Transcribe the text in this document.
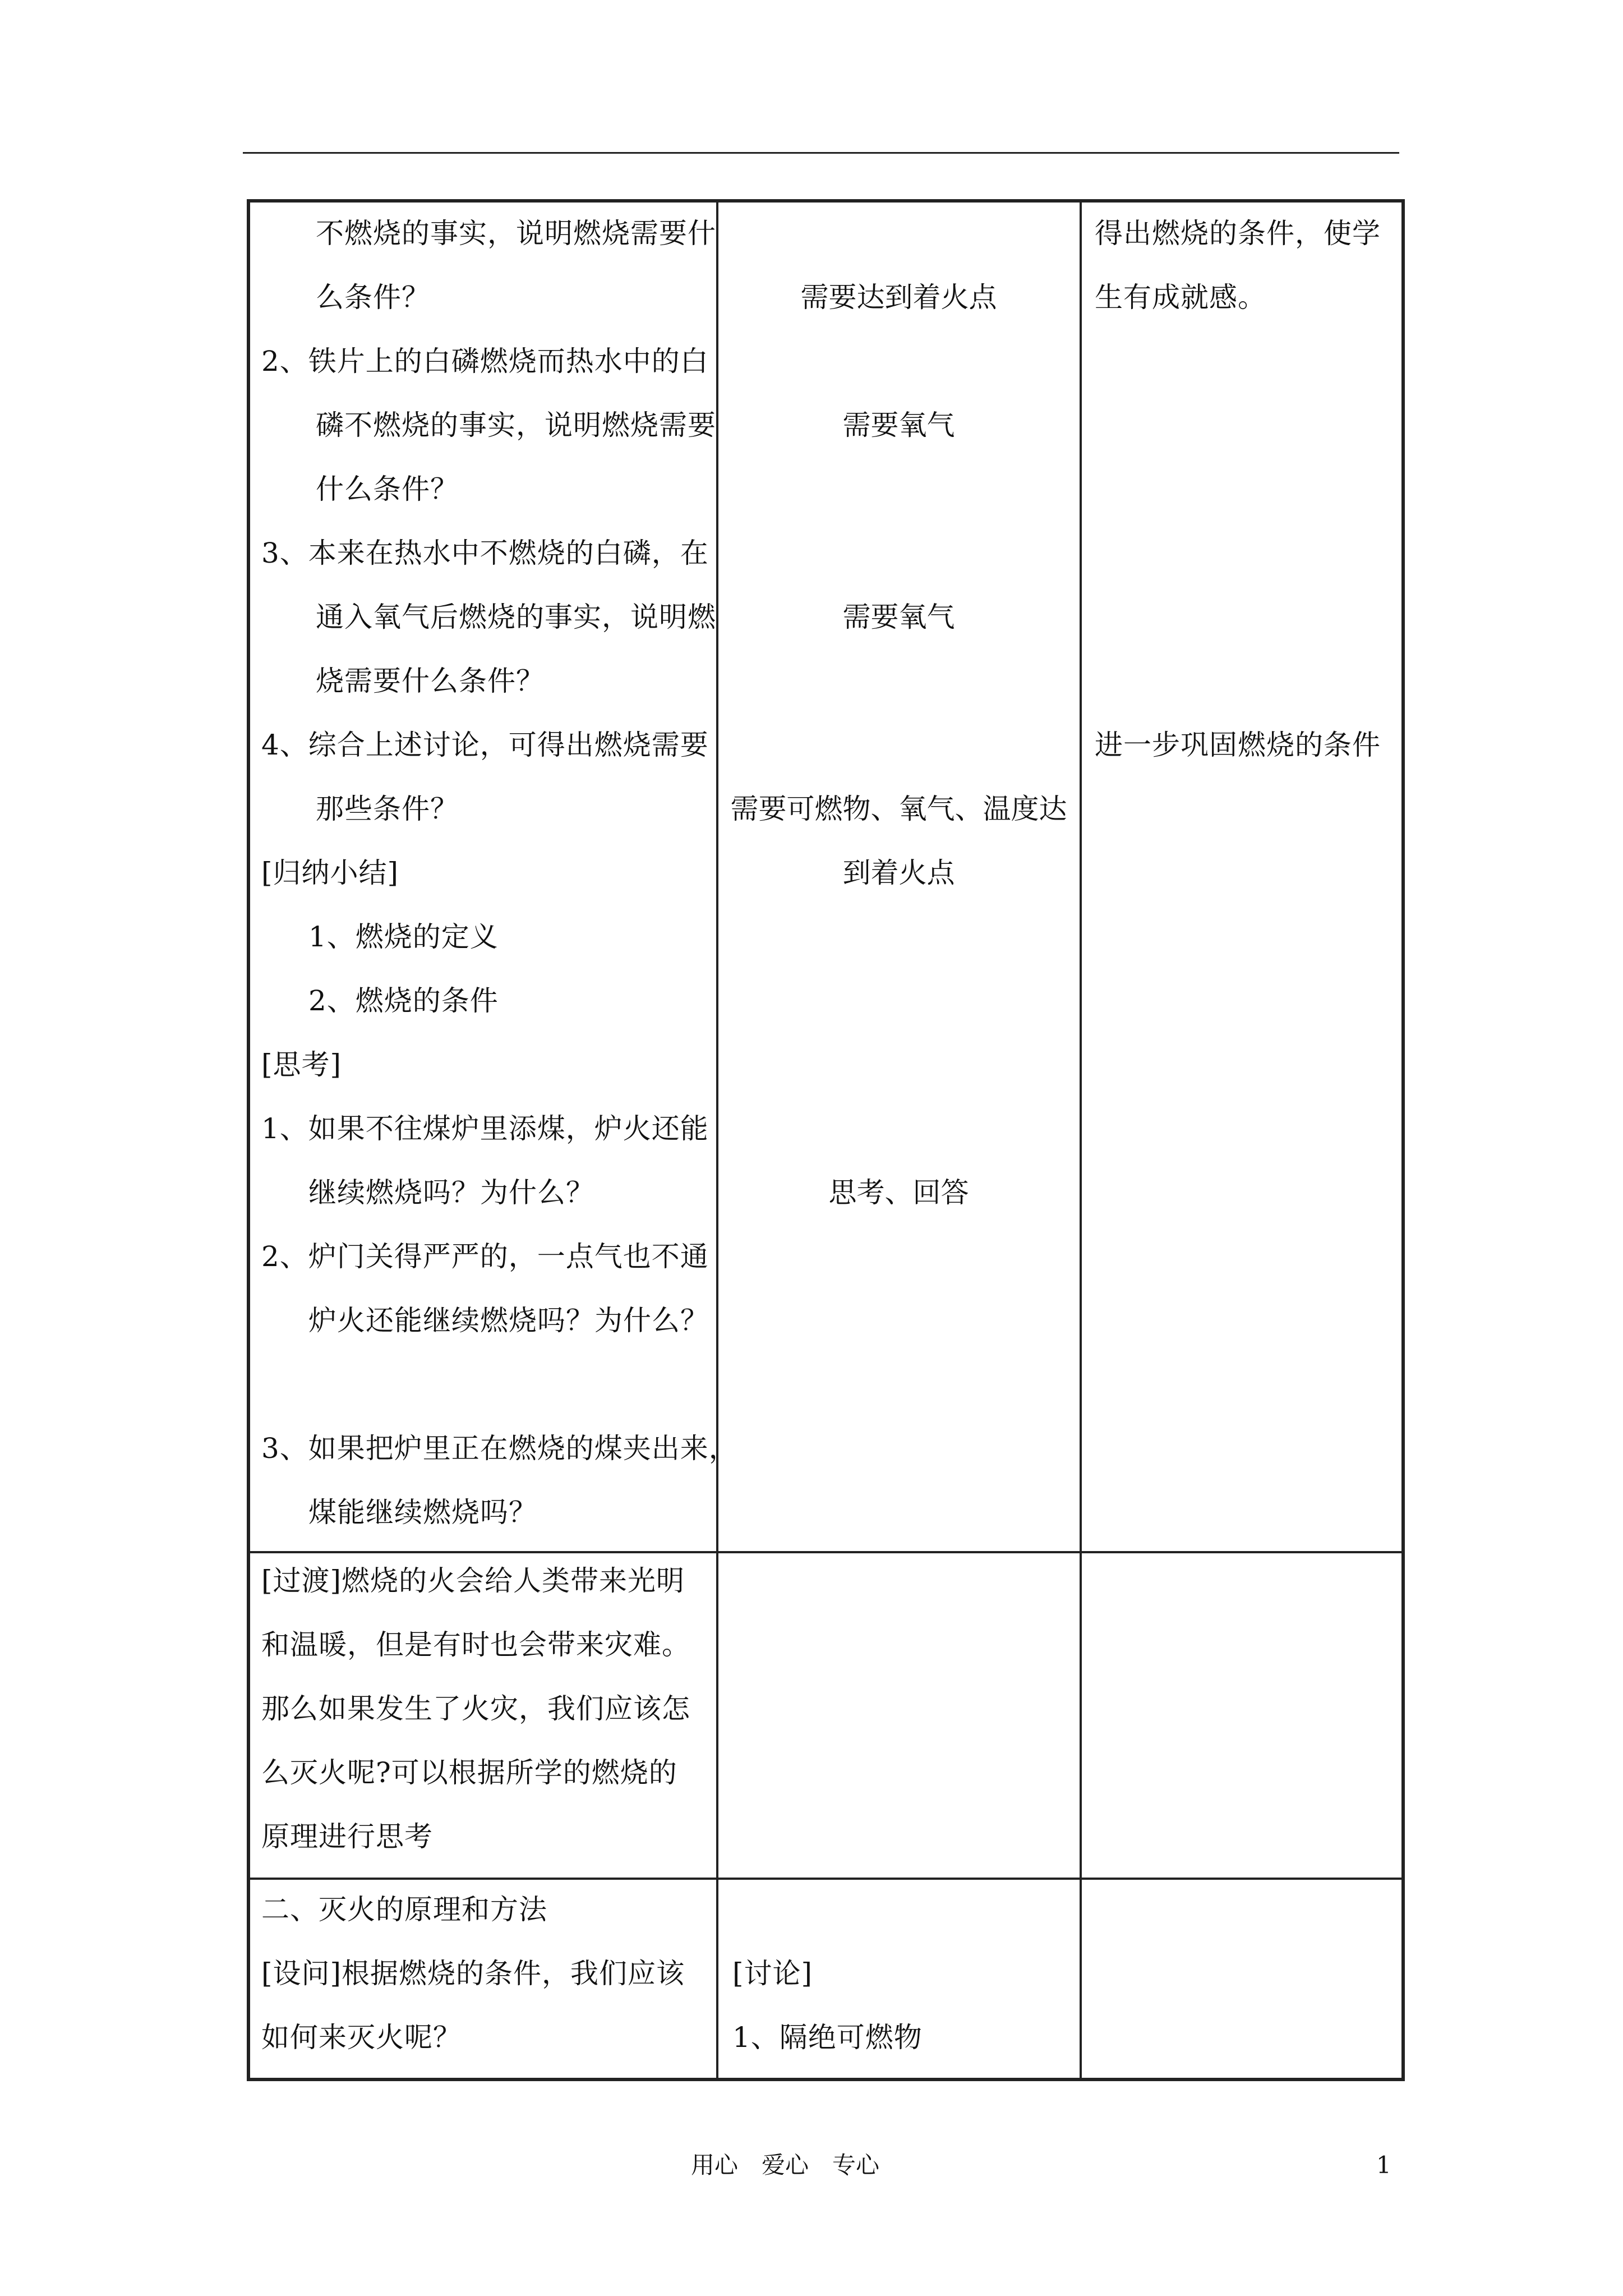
不燃烧的事实，说明燃烧需要什
么条件？
2、铁片上的白磷燃烧而热水中的白
磷不燃烧的事实，说明燃烧需要
什么条件？
3、本来在热水中不燃烧的白磷，在
通入氧气后燃烧的事实，说明燃
烧需要什么条件？
4、综合上述讨论，可得出燃烧需要
那些条件？
[归纳小结]
1、燃烧的定义
2、燃烧的条件
[思考]
1、如果不往煤炉里添煤，炉火还能
继续燃烧吗？为什么？
2、炉门关得严严的，一点气也不通
炉火还能继续燃烧吗？为什么？
3、如果把炉里正在燃烧的煤夹出来，
煤能继续燃烧吗？
[过渡]燃烧的火会给人类带来光明
和温暖，但是有时也会带来灾难。
那么如果发生了火灾，我们应该怎
么灭火呢?可以根据所学的燃烧的
原理进行思考
二、灭火的原理和方法
[设问]根据燃烧的条件，我们应该
如何来灭火呢？
需要达到着火点
需要氧气
需要氧气
需要可燃物、氧气、温度达
到着火点
思考、回答
[讨论]
1、隔绝可燃物
得出燃烧的条件，使学
生有成就感。
进一步巩固燃烧的条件
用心　爱心　专心	1
